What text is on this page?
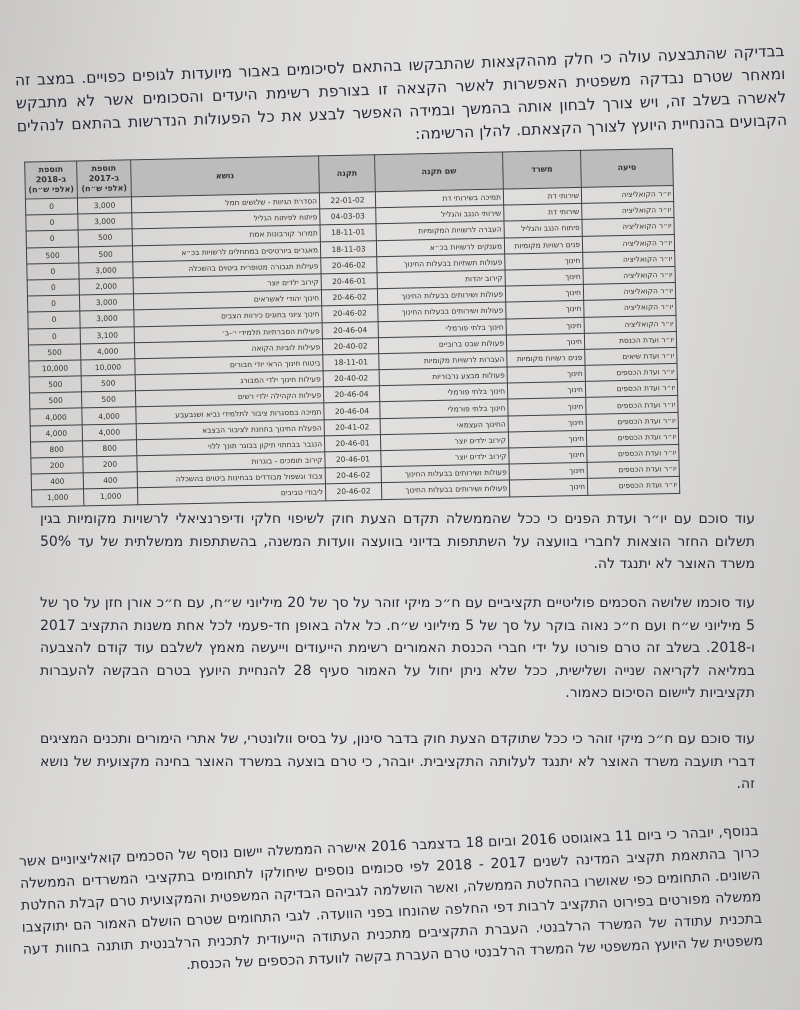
בבדיקה שהתבצעה עולה כי חלק מההקצאות שהתבקשו בהתאם לסיכומים באבור מיועדות לגופים כפויים. במצב זה ומאחר שטרם נבדקה משפטית האפשרות לאשר הקצאה זו בצורפת רשימת היעדים והסכומים אשר לא מתבקש לאשרה בשלב זה, ויש צורך לבחון אותה בהמשך ובמידה האפשר לבצע את כל הפעולות הנדרשות בהתאם לנהלים הקבועים בהנחיית היועץ לצורך הקצאתם. להלן הרשימה:

סיעה	משרד	שם תקנה	תקנה	נושא	תוספת ב-2017 (אלפי ש״ח)	תוספת ב-2018 (אלפי ש״ח)
יו״ר הקואליציה	שירותי דת	תמיכה בשירותי דת	22-01-02	הסדרת הגיוות - שלושים חמל	3,000	0
יו״ר הקואליציה	שירותי דת	שירותי הנגב והגליל	04-03-03	פיתוח לפיתוח הגליל	3,000	0
יו״ר הקואליציה	פיתוח הנגב והגליל	העברה לרשויות המקומיות	18-11-01	תמרור קורבונות אמת	500	0
יו״ר הקואליציה	פנים רשויות מקומיות	מענקים לרשויות בכ״א	18-11-03	מאגרים ביורטיסים במתחלים לרשויות בכ״א	500	500
יו״ר הקואליציה	חינוך	פעולות תשתיות בבעלות החינוך	20-46-02	פעילות תגבורה מטופרית ביטוים בהשכלה	3,000	0
יו״ר הקואליציה	חינוך	קירוב יהדות	20-46-01	קירוב ילדים יוצר	2,000	0
יו״ר הקואליציה	חינוך	פעולות ושירותים בבעלות החינוך	20-46-02	חינוך יהודי לאשראים	3,000	0
יו״ר הקואליציה	חינוך	פעולות ושירותים בבעלות החינוך	20-46-02	חינוך ציוני בחוגים כירוות הצבים	3,000	0
יו״ר הקואליציה	חינוך	חינוך בלתי פורמלי	20-46-04	פעילות הסברתיות תלמידי י׳-ב׳	3,100	0
יו״ר ועדת הכנסת	חינוך	פעולות שבט ברוביים	20-40-02	פעילות לוביות הקואה	4,000	500
יו״ר ועדת שיאים	פנים רשויות מקומיות	העברות לרשויות מקומיות	18-11-01	ביטוח חינוך הראי יודי חבורים	10,000	10,000
יו״ר ועדת הכספים	חינוך	פעולות מבצע גרבוריות	20-40-02	פעילות חינוך ילדי המבורג	500	500
יו״ר ועדת הכספים	חינוך	חינוך בלתי פורמלי	20-46-04	פעילות הקהילה ילדי רשים	500	500
יו״ר ועדת הכספים	חינוך	חינוך בלתי פורמלי	20-46-04	תמיכה במסגרות ציבור לתלמידי נביא ושנבעבע	4,000	4,000
יו״ר ועדת הכספים	חינוך	החינוך העצמאי	20-41-02	הפעלת החינוך בתחנת לציבור הבצבא	4,000	4,000
יו״ר ועדת הכספים	חינוך	קירוב ילדים יוצר	20-46-01	הנגבר בבחתוי תיקון בבוגר תונך ללוי	800	800
יו״ר ועדת הכספים	חינוך	קירוב ילדים יוצר	20-46-01	קירוב תומכים - בוגרות	200	200
יו״ר ועדת הכספים	חינוך	פעולות ושירותים בבעלות החינוך	20-46-02	צבוד וגשפול מבודדים בבחינות ביטוים בהשכלה	400	400
יו״ר ועדת הכספים	חינוך	פעולות ושירותים בבעלות החינוך	20-46-02	ליבודי טביבים	1,000	1,000

עוד סוכם עם יו״ר ועדת הפנים כי ככל שהממשלה תקדם הצעת חוק לשיפוי חלקי ודיפרנציאלי לרשויות מקומיות בגין תשלום החזר הוצאות לחברי בוועצה על השתתפות בדיוני בוועצה וועדות המשנה, בהשתתפות ממשלתית של עד 50% משרד האוצר לא יתנגד לה.

עוד סוכמו שלושה הסכמים פוליטיים תקציביים עם ח״כ מיקי זוהר על סך של 20 מיליוני ש״ח, עם ח״כ אורן חזן על סך של 5 מיליוני ש״ח ועם ח״כ נאוה בוקר על סך של 5 מיליוני ש״ח. כל אלה באופן חד-פעמי לכל אחת משנות התקציב 2017 ו-2018. בשלב זה טרם פורטו על ידי חברי הכנסת האמורים רשימת הייעודים וייעשה מאמץ לשלבם עוד קודם להצבעה במליאה לקריאה שנייה ושלישית, ככל שלא ניתן יחול על האמור סעיף 28 להנחיית היועץ בטרם הבקשה להעברות תקציביות ליישום הסיכום כאמור.

עוד סוכם עם ח״כ מיקי זוהר כי ככל שתוקדם הצעת חוק בדבר סינון, על בסיס וולונטרי, של אתרי הימורים ותכנים המציגים דברי תועבה משרד האוצר לא יתנגד לעלותה התקציבית. יובהר, כי טרם בוצעה במשרד האוצר בחינה מקצועית של נושא זה.

בנוסף, יובהר כי ביום 11 באוגוסט 2016 וביום 18 בדצמבר 2016 אישרה הממשלה יישום נוסף של הסכמים קואליציוניים אשר כרוך בהתאמת תקציב המדינה לשנים 2017 - 2018 לפי סכומים נוספים שיחולקו לתחומים בתקציבי המשרדים הממשלה השונים. התחומים כפי שאושרו בהחלטת הממשלה, ואשר הושלמה לגביהם הבדיקה המשפטית והמקצועית טרם קבלת החלטת ממשלה מפורטים בפירוט התקציב לרבות דפי החלפה שהונחו בפני הוועדה. לגבי התחומים שטרם הושלם האמור הם יתוקצבו בתכנית עתודה של המשרד הרלבנטי. העברת התקציבים מתכנית העתודה הייעודית לתכנית הרלבנטית תותנה בחוות דעה משפטית של היועץ המשפטי של המשרד הרלבנטי טרם העברת בקשה לוועדת הכספים של הכנסת.
